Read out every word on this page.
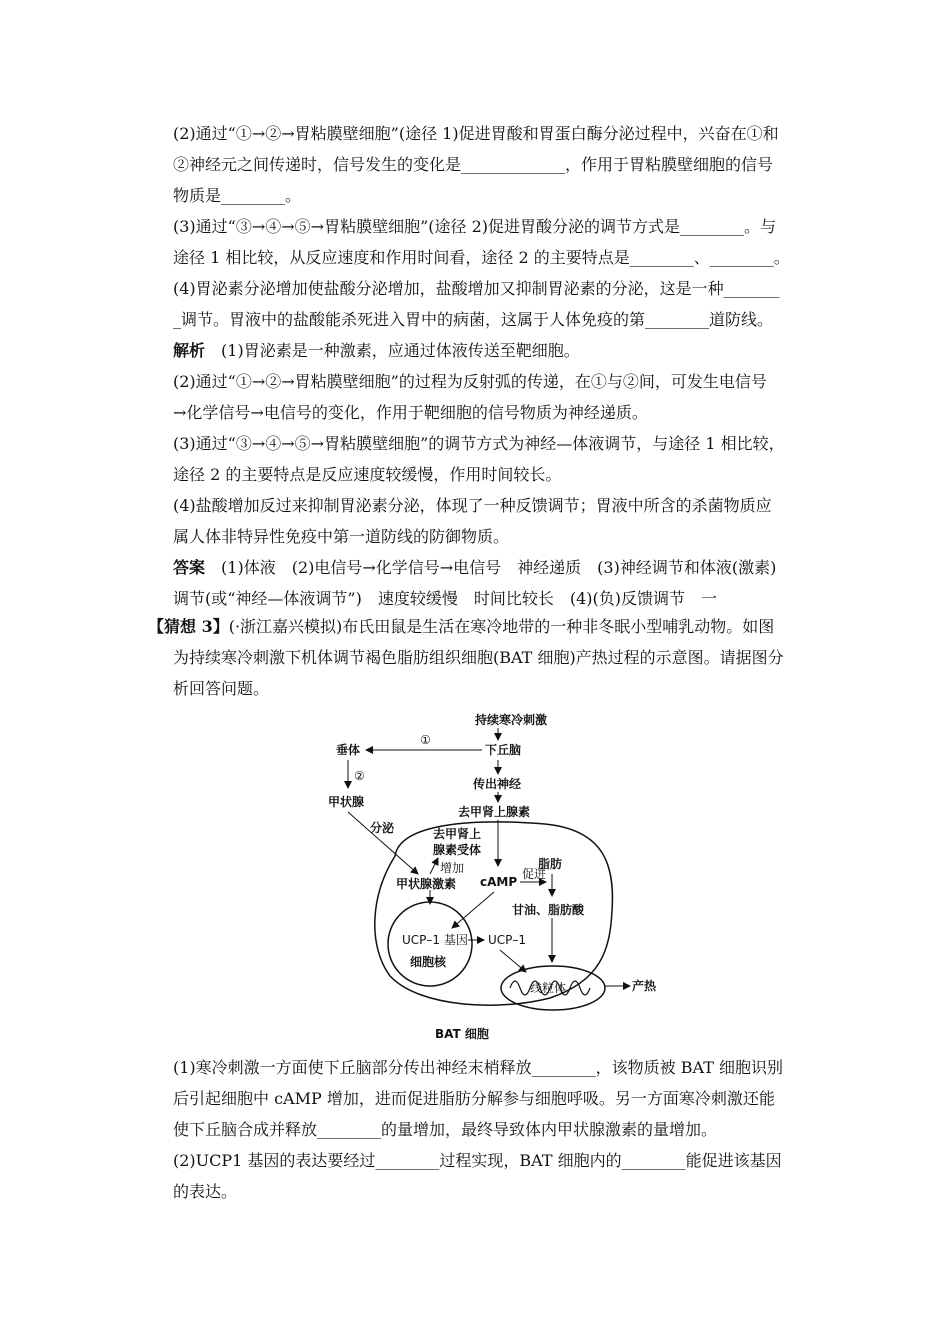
(2)通过“①→②→胃粘膜壁细胞”(途径 1)促进胃酸和胃蛋白酶分泌过程中，兴奋在①和
②神经元之间传递时，信号发生的变化是_____________，作用于胃粘膜壁细胞的信号
物质是________。
(3)通过“③→④→⑤→胃粘膜壁细胞”(途径 2)促进胃酸分泌的调节方式是________。与
途径 1 相比较，从反应速度和作用时间看，途径 2 的主要特点是________、________。
(4)胃泌素分泌增加使盐酸分泌增加，盐酸增加又抑制胃泌素的分泌，这是一种_______
_调节。胃液中的盐酸能杀死进入胃中的病菌，这属于人体免疫的第________道防线。
解析　 (1)胃泌素是一种激素，应通过体液传送至靶细胞。
(2)通过“①→②→胃粘膜壁细胞”的过程为反射弧的传递，在①与②间，可发生电信号
→化学信号→电信号的变化，作用于靶细胞的信号物质为神经递质。
(3)通过“③→④→⑤→胃粘膜壁细胞”的调节方式为神经—体液调节，与途径 1 相比较，
途径 2 的主要特点是反应速度较缓慢，作用时间较长。
(4)盐酸增加反过来抑制胃泌素分泌，体现了一种反馈调节；胃液中所含的杀菌物质应
属人体非特异性免疫中第一道防线的防御物质。
答案　 (1)体液　(2)电信号→化学信号→电信号　神经递质　(3)神经调节和体液(激素)
调节(或“神经—体液调节”)　速度较缓慢　时间比较长　(4)(负)反馈调节　一
【猜想 3】(·浙江嘉兴模拟)布氏田鼠是生活在寒冷地带的一种非冬眠小型哺乳动物。如图
为持续寒冷刺激下机体调节褐色脂肪组织细胞(BAT 细胞)产热过程的示意图。请据图分
析回答问题。
持续寒冷刺激
下丘脑
①
垂体
②
甲状腺
传出神经
去甲肾上腺素
分泌	去甲肾上
腺素受体
增加
甲状腺激素 cAMP
促进
脂肪
甘油、脂肪酸
UCP–1 基因 UCP–1
细胞核
线粒体	产热
BAT 细胞
(1)寒冷刺激一方面使下丘脑部分传出神经末梢释放________，该物质被 BAT 细胞识别
后引起细胞中 cAMP 增加，进而促进脂肪分解参与细胞呼吸。另一方面寒冷刺激还能
使下丘脑合成并释放________的量增加，最终导致体内甲状腺激素的量增加。
(2)UCP1 基因的表达要经过________过程实现，BAT 细胞内的________能促进该基因
的表达。
